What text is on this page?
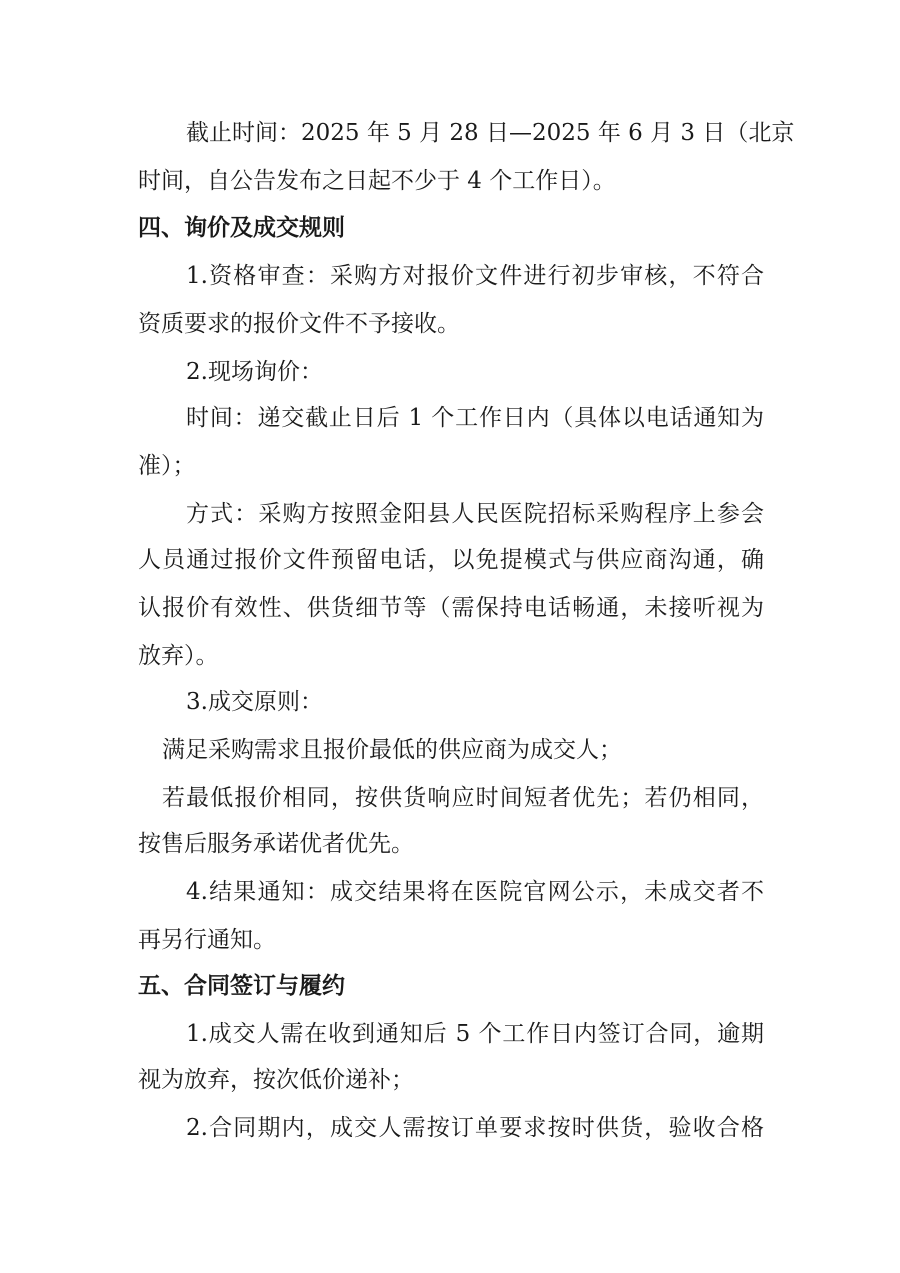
截止时间：2025 年 5 月 28 日—2025 年 6 月 3 日（北京
时间，自公告发布之日起不少于 4 个工作日）。
四、询价及成交规则
1.资格审查：采购方对报价文件进行初步审核，不符合
资质要求的报价文件不予接收。
2.现场询价：
时间：递交截止日后 1 个工作日内（具体以电话通知为
准）；
方式：采购方按照金阳县人民医院招标采购程序上参会
人员通过报价文件预留电话，以免提模式与供应商沟通，确
认报价有效性、供货细节等（需保持电话畅通，未接听视为
放弃）。
3.成交原则：
满足采购需求且报价最低的供应商为成交人；
若最低报价相同，按供货响应时间短者优先；若仍相同，
按售后服务承诺优者优先。
4.结果通知：成交结果将在医院官网公示，未成交者不
再另行通知。
五、合同签订与履约
1.成交人需在收到通知后 5 个工作日内签订合同，逾期
视为放弃，按次低价递补；
2.合同期内，成交人需按订单要求按时供货，验收合格
